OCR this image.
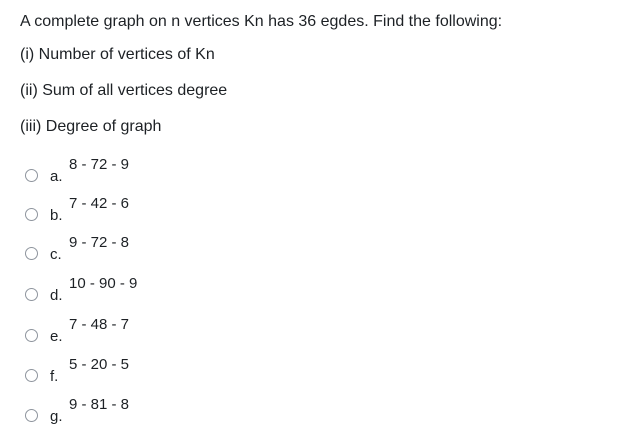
A complete graph on n vertices Kn has 36 egdes. Find the following:
(i) Number of vertices of Kn
(ii) Sum of all vertices degree
(iii) Degree of graph
a.
8 - 72 - 9
b.
7 - 42 - 6
c.
9 - 72 - 8
d.
10 - 90 - 9
e.
7 - 48 - 7
f.
5 - 20 - 5
g.
9 - 81 - 8
